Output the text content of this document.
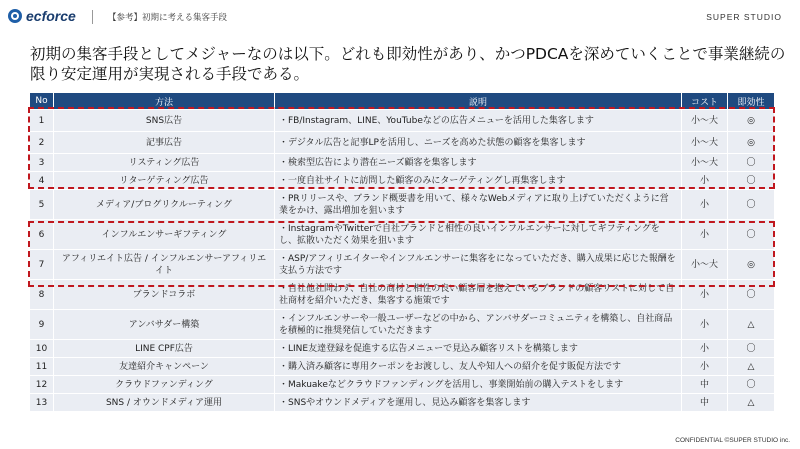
ecforce	【参考】初期に考える集客手段	SUPER STUDIO
初期の集客手段としてメジャーなのは以下。どれも即効性があり、かつPDCAを深めていくことで事業継続の限り安定運用が実現される手段である。
No	方法	説明	コスト	即効性
1	SNS広告	・FB/Instagram、LINE、YouTubeなどの広告メニューを活用した集客します	小〜大	◎
2	記事広告	・デジタル広告と記事LPを活用し、ニーズを高めた状態の顧客を集客します	小〜大	◎
3	リスティング広告	・検索型広告により潜在ニーズ顧客を集客します	小〜大	〇
4	リターゲティング広告	・一度自社サイトに訪問した顧客のみにターゲティングし再集客します	小	〇
5	メディア/ブログリクルーティング	・PRリリースや、ブランド概要書を用いて、様々なWebメディアに取り上げていただくように営業をかけ、露出増加を狙います	小	〇
6	インフルエンサーギフティング	・InstagramやTwitterで自社ブランドと相性の良いインフルエンサーに対してギフティングをし、拡散いただく効果を狙います	小	〇
7	アフィリエイト広告 / インフルエンサーアフィリエイト	・ASP/アフィリエイターやインフルエンサーに集客をになっていただき、購入成果に応じた報酬を支払う方法です	小〜大	◎
8	ブランドコラボ	・自社他社問わず、自社の商材と相性の良い顧客層を抱えているブランドの顧客リストに対して自社商材を紹介いただき、集客する施策です	小	〇
9	アンバサダー構築	・インフルエンサーや一般ユーザーなどの中から、アンバサダーコミュニティを構築し、自社商品を積極的に推奨発信していただきます	小	△
10	LINE CPF広告	・LINE友達登録を促進する広告メニューで見込み顧客リストを構築します	小	〇
11	友達紹介キャンペーン	・購入済み顧客に専用クーポンをお渡しし、友人や知人への紹介を促す販促方法です	小	△
12	クラウドファンディング	・Makuakeなどクラウドファンディングを活用し、事業開始前の購入テストをします	中	〇
13	SNS / オウンドメディア運用	・SNSやオウンドメディアを運用し、見込み顧客を集客します	中	△
CONFIDENTIAL ©SUPER STUDIO inc.
